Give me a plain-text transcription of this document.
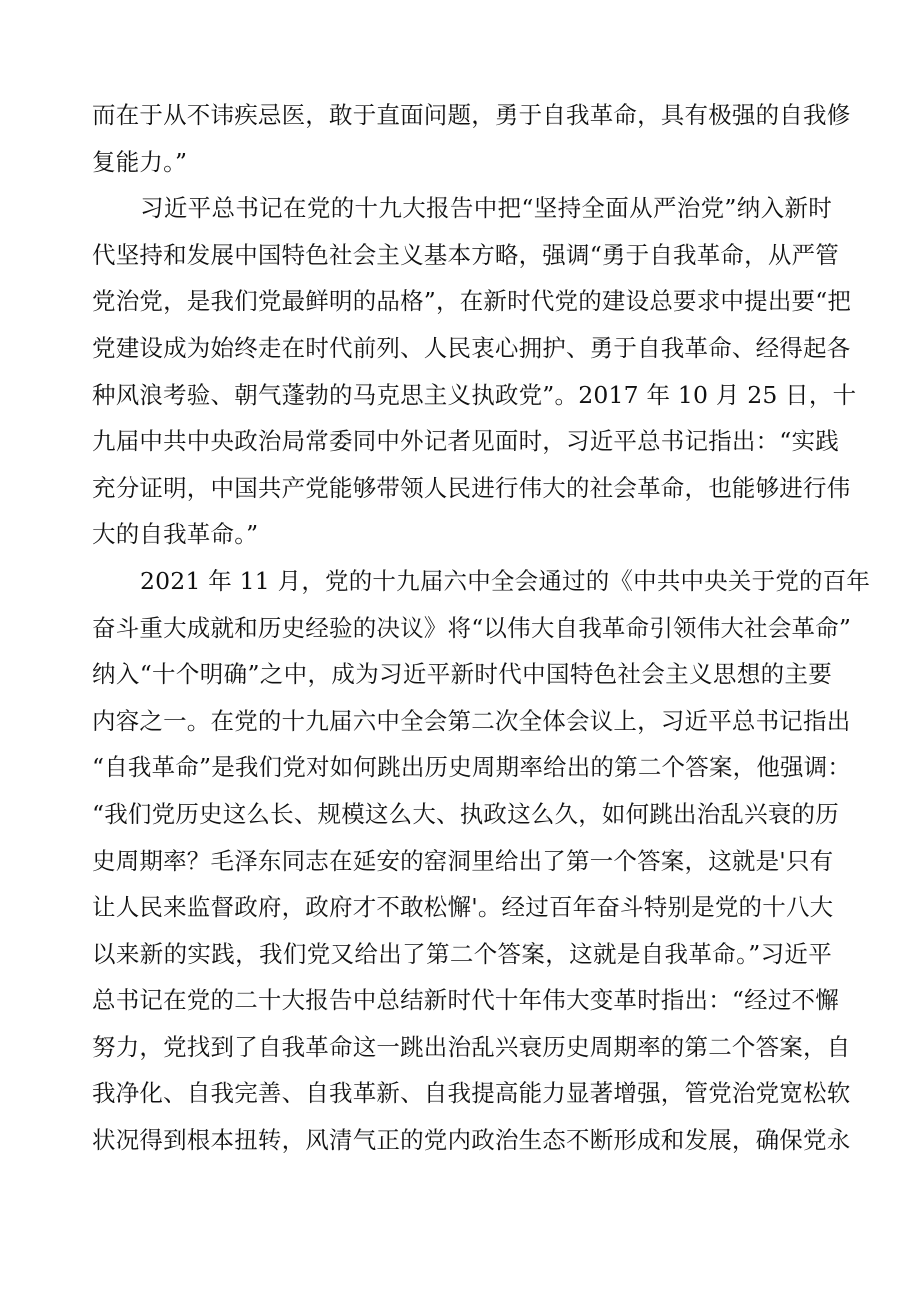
而在于从不讳疾忌医，敢于直面问题，勇于自我革命，具有极强的自我修
复能力。”
习近平总书记在党的十九大报告中把“坚持全面从严治党”纳入新时
代坚持和发展中国特色社会主义基本方略，强调“勇于自我革命，从严管
党治党，是我们党最鲜明的品格”，在新时代党的建设总要求中提出要“把
党建设成为始终走在时代前列、人民衷心拥护、勇于自我革命、经得起各
种风浪考验、朝气蓬勃的马克思主义执政党”。2017 年 10 月 25 日，十
九届中共中央政治局常委同中外记者见面时，习近平总书记指出：“实践
充分证明，中国共产党能够带领人民进行伟大的社会革命，也能够进行伟
大的自我革命。”
2021 年 11 月，党的十九届六中全会通过的《中共中央关于党的百年
奋斗重大成就和历史经验的决议》将“以伟大自我革命引领伟大社会革命”
纳入“十个明确”之中，成为习近平新时代中国特色社会主义思想的主要
内容之一。在党的十九届六中全会第二次全体会议上，习近平总书记指出
“自我革命”是我们党对如何跳出历史周期率给出的第二个答案，他强调：
“我们党历史这么长、规模这么大、执政这么久，如何跳出治乱兴衰的历
史周期率？毛泽东同志在延安的窑洞里给出了第一个答案，这就是'只有
让人民来监督政府，政府才不敢松懈'。经过百年奋斗特别是党的十八大
以来新的实践，我们党又给出了第二个答案，这就是自我革命。”习近平
总书记在党的二十大报告中总结新时代十年伟大变革时指出：“经过不懈
努力，党找到了自我革命这一跳出治乱兴衰历史周期率的第二个答案，自
我净化、自我完善、自我革新、自我提高能力显著增强，管党治党宽松软
状况得到根本扭转，风清气正的党内政治生态不断形成和发展，确保党永
